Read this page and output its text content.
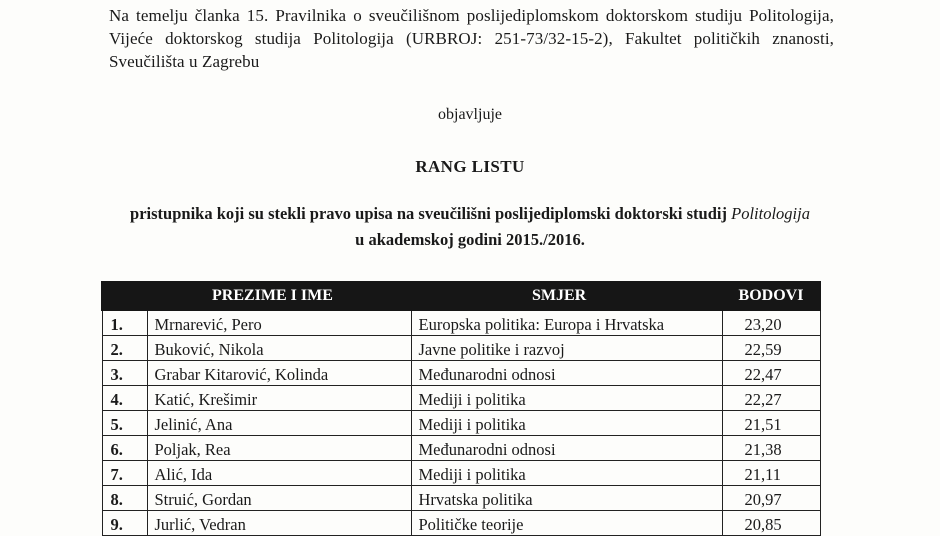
Na temelju članka 15. Pravilnika o sveučilišnom poslijediplomskom doktorskom studiju Politologija,
Vijeće doktorskog studija Politologija (URBROJ: 251-73/32-15-2), Fakultet političkih znanosti,
Sveučilišta u Zagrebu
objavljuje
RANG LISTU
pristupnika koji su stekli pravo upisa na sveučilišni poslijediplomski doktorski studij Politologija
u akademskoj godini 2015./2016.
	PREZIME I IME	SMJER	BODOVI
1.	Mrnarević, Pero	Europska politika: Europa i Hrvatska	23,20
2.	Buković, Nikola	Javne politike i razvoj	22,59
3.	Grabar Kitarović, Kolinda	Međunarodni odnosi	22,47
4.	Katić, Krešimir	Mediji i politika	22,27
5.	Jelinić, Ana	Mediji i politika	21,51
6.	Poljak, Rea	Međunarodni odnosi	21,38
7.	Alić, Ida	Mediji i politika	21,11
8.	Struić, Gordan	Hrvatska politika	20,97
9.	Jurlić, Vedran	Političke teorije	20,85
